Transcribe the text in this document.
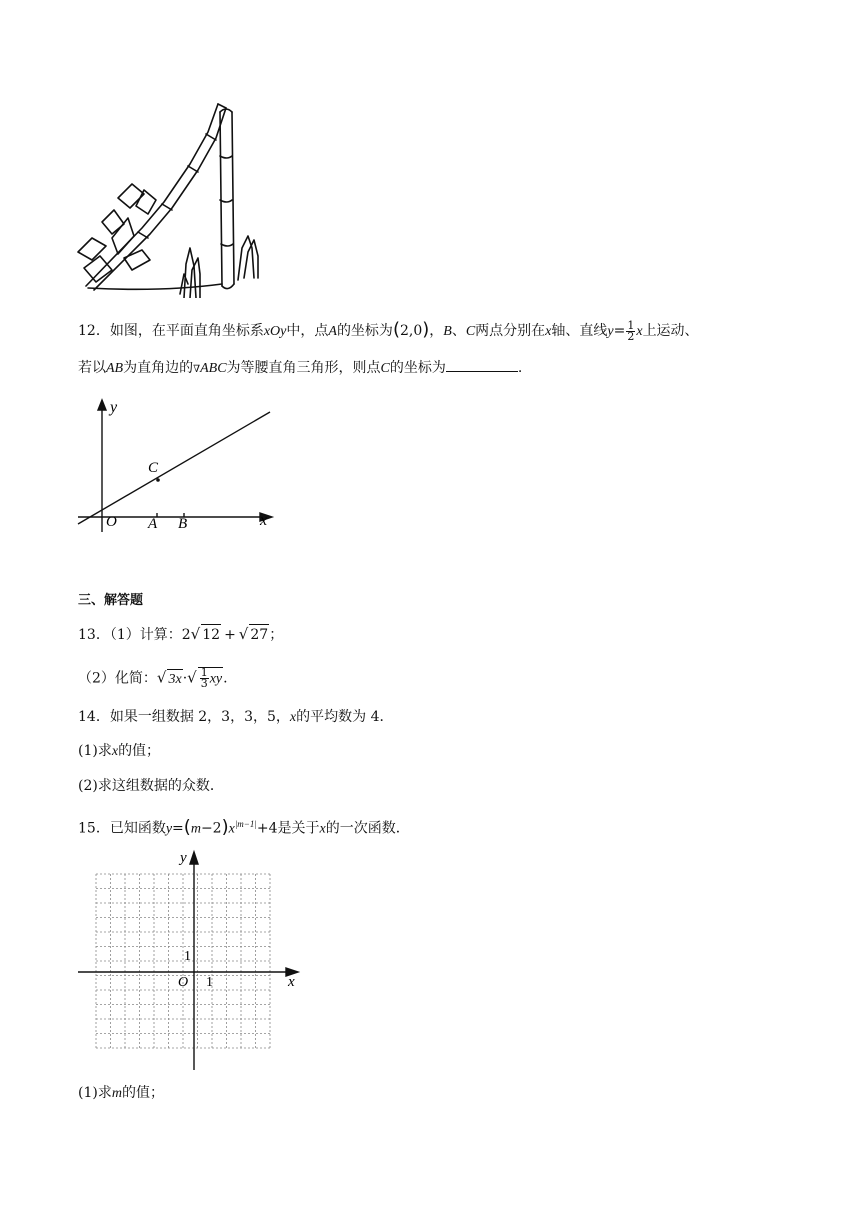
12．如图，在平面直角坐标系xOy中，点A的坐标为(2,0)，B、C两点分别在x轴、直线$y= \frac{1}{2}$ x上运动、
若以AB为直角边的∇ABC为等腰直角三角形，则点C的坐标为	.
y
x
O A B
C
三、解答题
13．（1）计算：2√ 12 + √ 27；
（2）化简：√ $3x\cdot√ \frac{1}{3}$ xy.
14．如果一组数据 2，3，3，5，x的平均数为 4．
(1)求x的值；
(2)求这组数据的众数．
15．已知函数$y=(m-2)x^{|m-1|}+4$是关于x的一次函数．
y
x
O 1
1
(1)求m的值；
